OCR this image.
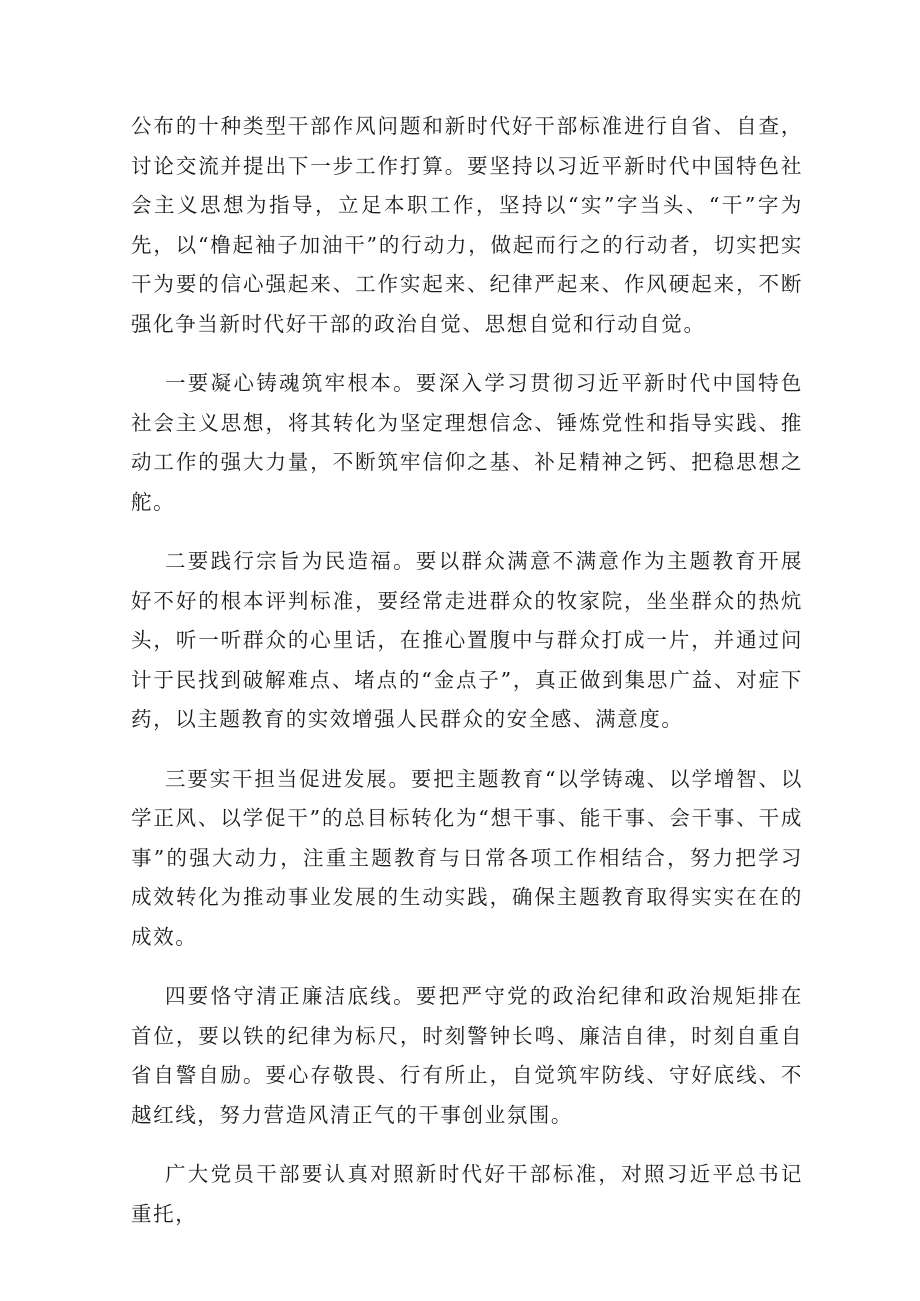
公布的十种类型干部作风问题和新时代好干部标准进行自省、自查，讨论交流并提出下一步工作打算。要坚持以习近平新时代中国特色社会主义思想为指导，立足本职工作，坚持以“实”字当头、“干”字为先，以“橹起袖子加油干”的行动力，做起而行之的行动者，切实把实干为要的信心强起来、工作实起来、纪律严起来、作风硬起来，不断强化争当新时代好干部的政治自觉、思想自觉和行动自觉。

一要凝心铸魂筑牢根本。要深入学习贯彻习近平新时代中国特色社会主义思想，将其转化为坚定理想信念、锤炼党性和指导实践、推动工作的强大力量，不断筑牢信仰之基、补足精神之钙、把稳思想之舵。

二要践行宗旨为民造福。要以群众满意不满意作为主题教育开展好不好的根本评判标准，要经常走进群众的牧家院，坐坐群众的热炕头，听一听群众的心里话，在推心置腹中与群众打成一片，并通过问计于民找到破解难点、堵点的“金点子”，真正做到集思广益、对症下药，以主题教育的实效增强人民群众的安全感、满意度。

三要实干担当促进发展。要把主题教育“以学铸魂、以学增智、以学正风、以学促干”的总目标转化为“想干事、能干事、会干事、干成事”的强大动力，注重主题教育与日常各项工作相结合，努力把学习成效转化为推动事业发展的生动实践，确保主题教育取得实实在在的成效。

四要恪守清正廉洁底线。要把严守党的政治纪律和政治规矩排在首位，要以铁的纪律为标尺，时刻警钟长鸣、廉洁自律，时刻自重自省自警自励。要心存敬畏、行有所止，自觉筑牢防线、守好底线、不越红线，努力营造风清正气的干事创业氛围。

广大党员干部要认真对照新时代好干部标准，对照习近平总书记重托，
